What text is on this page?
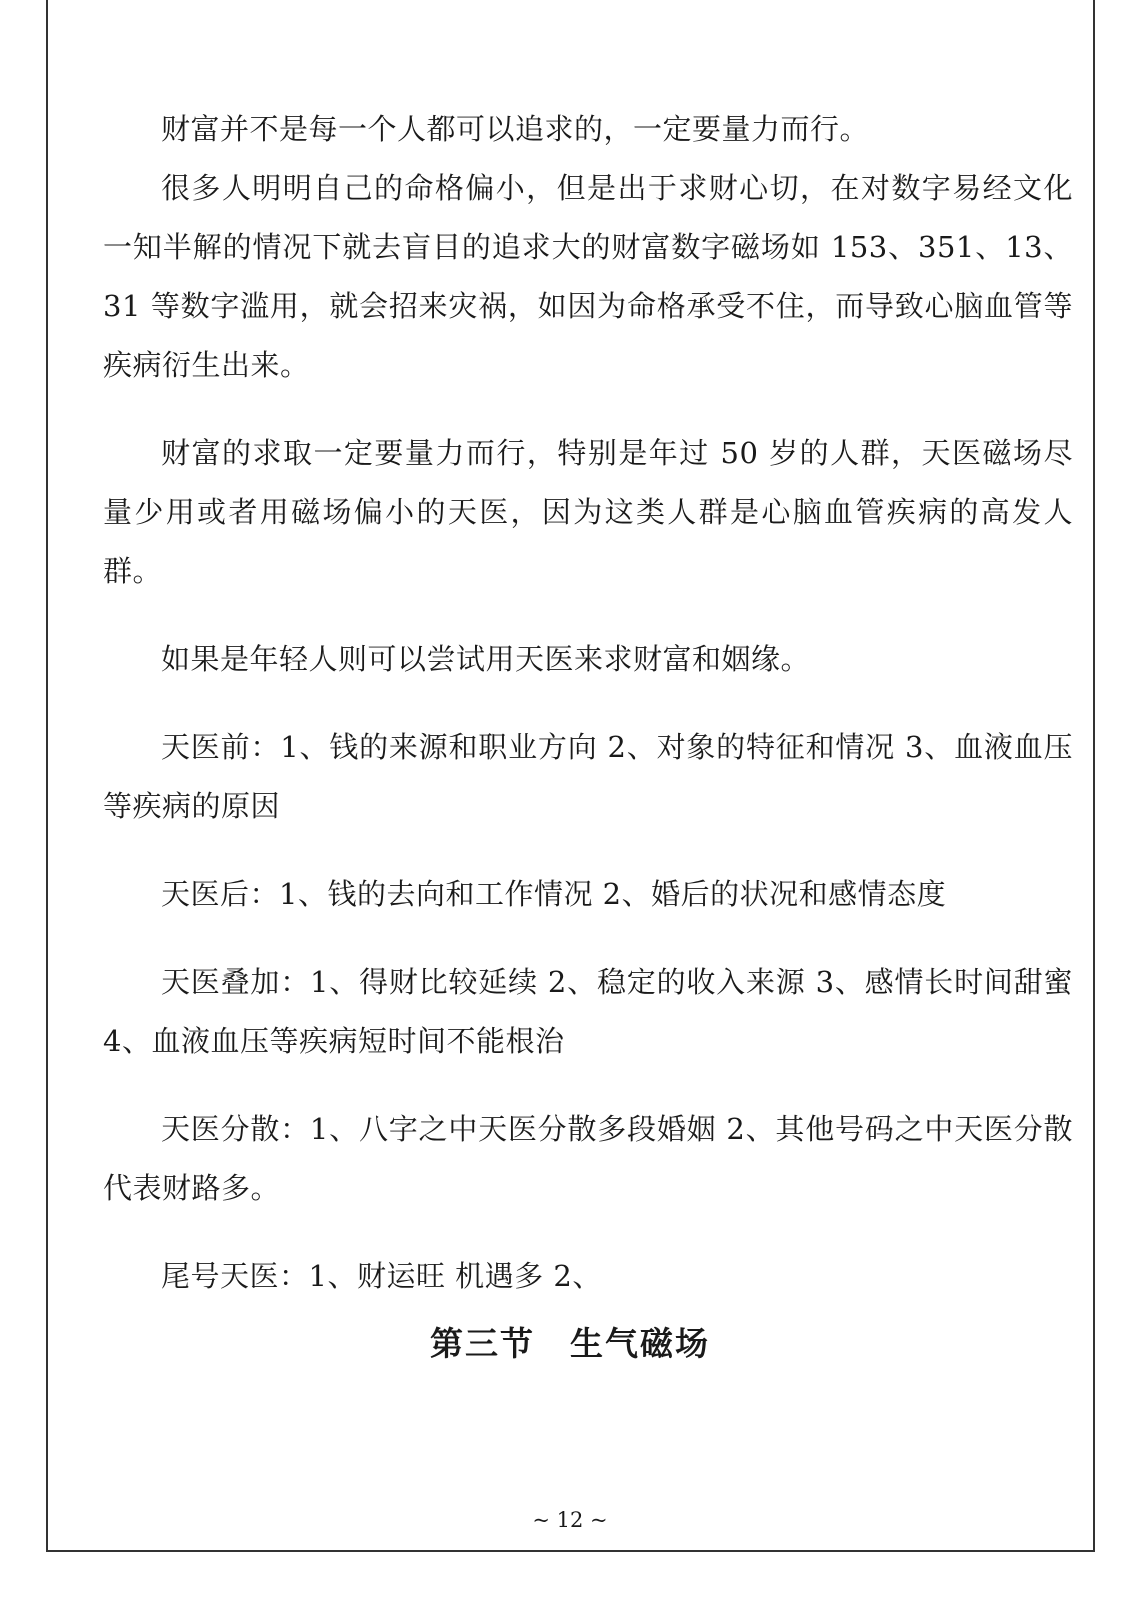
财富并不是每一个人都可以追求的，一定要量力而行。

很多人明明自己的命格偏小，但是出于求财心切，在对数字易经文化一知半解的情况下就去盲目的追求大的财富数字磁场如 153、351、13、31 等数字滥用，就会招来灾祸，如因为命格承受不住，而导致心脑血管等疾病衍生出来。

财富的求取一定要量力而行，特别是年过 50 岁的人群，天医磁场尽量少用或者用磁场偏小的天医，因为这类人群是心脑血管疾病的高发人群。

如果是年轻人则可以尝试用天医来求财富和姻缘。

天医前：1、钱的来源和职业方向 2、对象的特征和情况 3、血液血压等疾病的原因

天医后：1、钱的去向和工作情况 2、婚后的状况和感情态度

天医叠加：1、得财比较延续 2、稳定的收入来源 3、感情长时间甜蜜 4、血液血压等疾病短时间不能根治

天医分散：1、八字之中天医分散多段婚姻 2、其他号码之中天医分散代表财路多。

尾号天医：1、财运旺 机遇多 2、

第三节　生气磁场

~ 12 ~
